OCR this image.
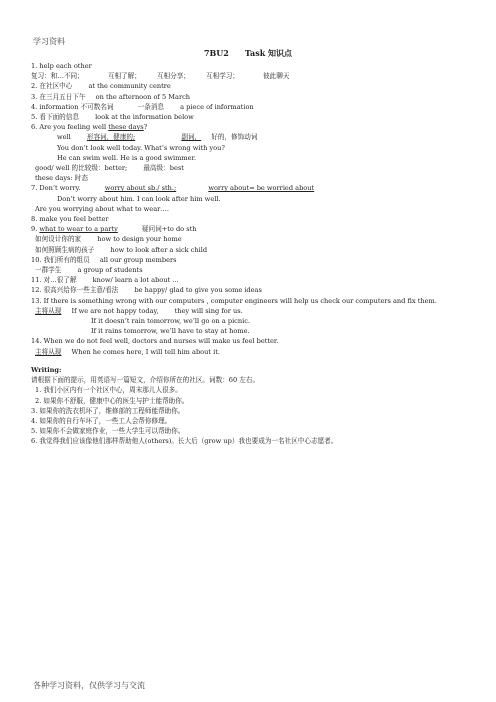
学习资料
7BU2　　Task 知识点
1. help each other
复习：和…不同；	互相了解； 互相分享； 互相学习；	彼此聊天
2. 在社区中心 at the community centre
3. 在三月五日下午 on the afternoon of 5 March
4. information 不可数名词	一条消息 a piece of information
5. 看下面的信息 look at the information below
6. Are you feeling well these days?
well 形容词，健康的;	副词， 好的，修饰动词
You don’t look well today. What’s wrong with you?
He can swim well. He is a good swimmer.
good/ well 的比较级：better; 最高级：best
these days: 时态
7. Don’t worry.	worry about sb./ sth.;	worry about= be worried about
Don’t worry about him. I can look after him well.
Are you worrying about what to wear….
8. make you feel better
9. what to wear to a party	疑问词+to do sth
如何设计你的家 how to design your home
如何照顾生病的孩子 how to look after a sick child
10. 我们所有的组员 all our group members
一群学生 a group of students
11. 对…很了解 know/ learn a lot about …
12. 很高兴给你一些主意/看法 be happy/ glad to give you some ideas
13. If there is something wrong with our computers , computer engineers will help us check our computers and fix them.
主将从现 If we are not happy today, they will sing for us.
If it doesn’t rain tomorrow, we’ll go on a picnic.
If it rains tomorrow, we’ll have to stay at home.
14. When we do not feel well, doctors and nurses will make us feel better.
主将从现 When he comes here, I will tell him about it.
Writing:
请根据下面的提示，用英语写一篇短文，介绍你所在的社区。词数：60 左右。
1. 我们小区内有一个社区中心，周末那儿人很多。
2. 如果你不舒服，健康中心的医生与护士能帮助你。
3. 如果你的洗衣机坏了，维修部的工程师能帮助你。
4. 如果你的自行车坏了，一些工人会帮你修理。
5. 如果你不会做家庭作业，一些大学生可以帮助你。
6. 我觉得我们应该像他们那样帮助他人(others)。长大后（grow up）我也要成为一名社区中心志愿者。
各种学习资料，仅供学习与交流
